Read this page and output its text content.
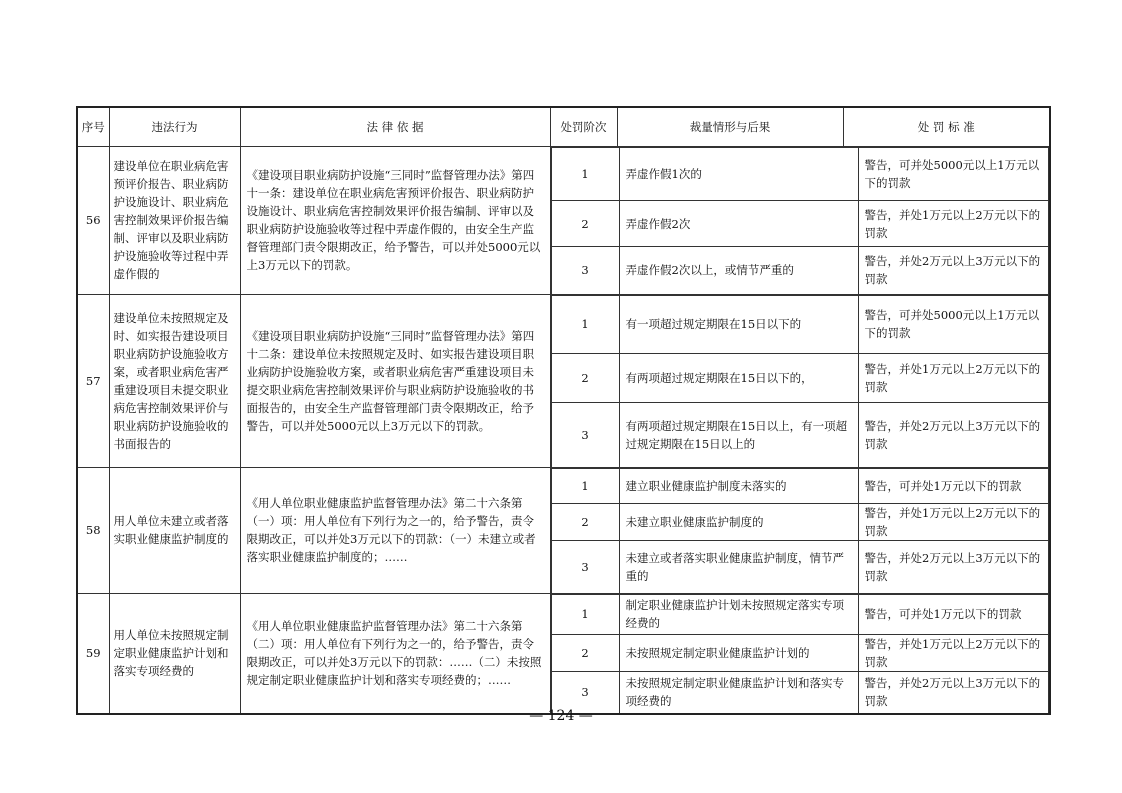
序号	违法行为	法 律 依 据	处罚阶次	裁量情形与后果	处 罚 标 准
56	建设单位在职业病危害预评价报告、职业病防护设施设计、职业病危害控制效果评价报告编制、评审以及职业病防护设施验收等过程中弄虚作假的	《建设项目职业病防护设施“三同时”监督管理办法》第四十一条：建设单位在职业病危害预评价报告、职业病防护设施设计、职业病危害控制效果评价报告编制、评审以及职业病防护设施验收等过程中弄虚作假的，由安全生产监督管理部门责令限期改正，给予警告，可以并处5000元以上3万元以下的罚款。	
1	弄虚作假1次的	警告，可并处5000元以上1万元以下的罚款
2	弄虚作假2次	警告，并处1万元以上2万元以下的罚款
3	弄虚作假2次以上，或情节严重的	警告，并处2万元以上3万元以下的罚款

57	建设单位未按照规定及时、如实报告建设项目职业病防护设施验收方案，或者职业病危害严重建设项目未提交职业病危害控制效果评价与职业病防护设施验收的书面报告的	《建设项目职业病防护设施“三同时”监督管理办法》第四十二条：建设单位未按照规定及时、如实报告建设项目职业病防护设施验收方案，或者职业病危害严重建设项目未提交职业病危害控制效果评价与职业病防护设施验收的书面报告的，由安全生产监督管理部门责令限期改正，给予警告，可以并处5000元以上3万元以下的罚款。	
1	有一项超过规定期限在15日以下的	警告，可并处5000元以上1万元以下的罚款
2	有两项超过规定期限在15日以下的，	警告，并处1万元以上2万元以下的罚款
3	有两项超过规定期限在15日以上，有一项超过规定期限在15日以上的	警告，并处2万元以上3万元以下的罚款

58	用人单位未建立或者落实职业健康监护制度的	《用人单位职业健康监护监督管理办法》第二十六条第（一）项：用人单位有下列行为之一的，给予警告，责令限期改正，可以并处3万元以下的罚款：（一）未建立或者落实职业健康监护制度的；……	
1	建立职业健康监护制度未落实的	警告，可并处1万元以下的罚款
2	未建立职业健康监护制度的	警告，并处1万元以上2万元以下的罚款
3	未建立或者落实职业健康监护制度，情节严重的	警告，并处2万元以上3万元以下的罚款

59	用人单位未按照规定制定职业健康监护计划和落实专项经费的	《用人单位职业健康监护监督管理办法》第二十六条第（二）项：用人单位有下列行为之一的，给予警告，责令限期改正，可以并处3万元以下的罚款：……（二）未按照规定制定职业健康监护计划和落实专项经费的；……	
1	制定职业健康监护计划未按照规定落实专项经费的	警告，可并处1万元以下的罚款
2	未按照规定制定职业健康监护计划的	警告，并处1万元以上2万元以下的罚款
3	未按照规定制定职业健康监护计划和落实专项经费的	警告，并处2万元以上3万元以下的罚款
— 124 —
